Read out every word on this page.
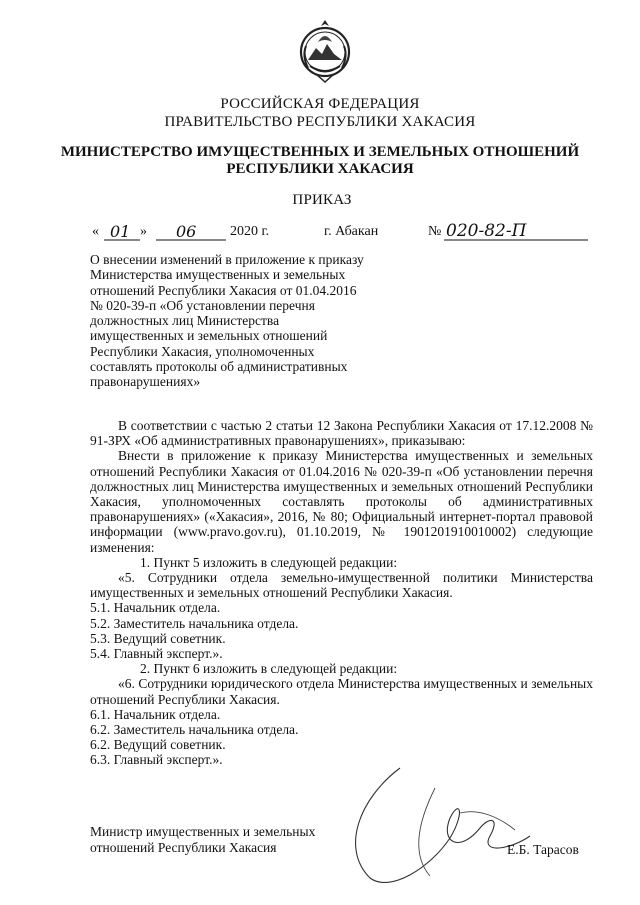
РОССИЙСКАЯ ФЕДЕРАЦИЯ
ПРАВИТЕЛЬСТВО РЕСПУБЛИКИ ХАКАСИЯ
МИНИСТЕРСТВО ИМУЩЕСТВЕННЫХ И ЗЕМЕЛЬНЫХ ОТНОШЕНИЙ
РЕСПУБЛИКИ ХАКАСИЯ
ПРИКАЗ
« 01 » 06 2020 г.	г. Абакан	№ 020-82-П
О внесении изменений в приложение к приказу
Министерства имущественных и земельных
отношений Республики Хакасия от 01.04.2016
№ 020-39-п «Об установлении перечня
должностных лиц Министерства
имущественных и земельных отношений
Республики Хакасия, уполномоченных
составлять протоколы об административных
правонарушениях»

В соответствии с частью 2 статьи 12 Закона Республики Хакасия от 17.12.2008 № 91-ЗРХ «Об административных правонарушениях», приказываю:

Внести в приложение к приказу Министерства имущественных и земельных отношений Республики Хакасия от 01.04.2016 № 020-39-п «Об установлении перечня должностных лиц Министерства имущественных и земельных отношений Республики Хакасия, уполномоченных составлять протоколы об административных правонарушениях» («Хакасия», 2016, № 80; Официальный интернет-портал правовой информации (www.pravo.gov.ru), 01.10.2019, № 1901201910010002) следующие изменения:

1. Пункт 5 изложить в следующей редакции:

«5. Сотрудники отдела земельно-имущественной политики Министерства имущественных и земельных отношений Республики Хакасия.

5.1. Начальник отдела.

5.2. Заместитель начальника отдела.

5.3. Ведущий советник.

5.4. Главный эксперт.».

2. Пункт 6 изложить в следующей редакции:

«6. Сотрудники юридического отдела Министерства имущественных и земельных отношений Республики Хакасия.

6.1. Начальник отдела.

6.2. Заместитель начальника отдела.

6.2. Ведущий советник.

6.3. Главный эксперт.».

Министр имущественных и земельных
отношений Республики Хакасия	Е.Б. Тарасов
